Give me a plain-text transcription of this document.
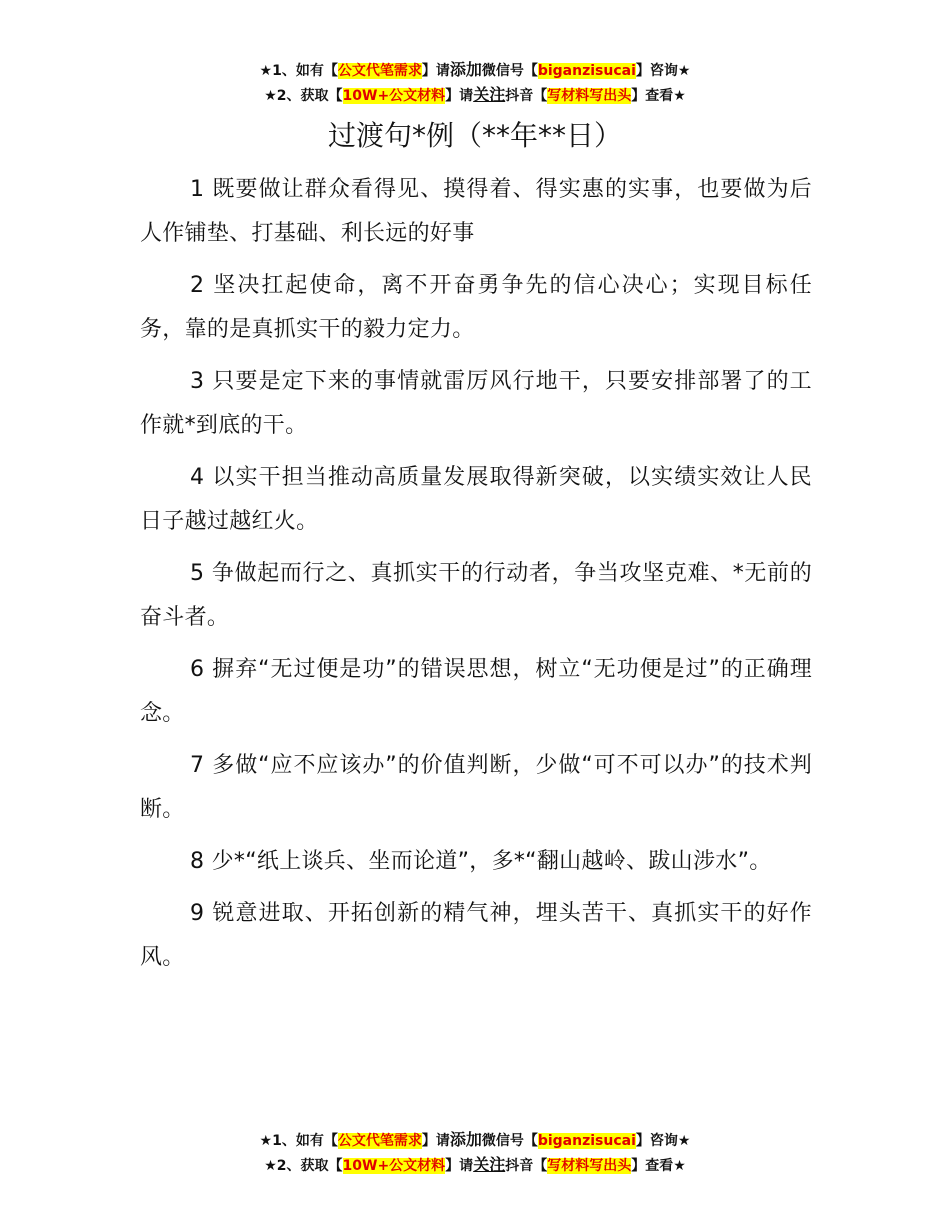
★1、如有【公文代笔需求】请添加微信号【biganzisucai】咨询★
★2、获取【10W+公文材料】请关注抖音【写材料写出头】查看★
过渡句*例（**年**日）

1 既要做让群众看得见、摸得着、得实惠的实事，也要做为后人作铺垫、打基础、利长远的好事

2 坚决扛起使命，离不开奋勇争先的信心决心；实现目标任务，靠的是真抓实干的毅力定力。

3 只要是定下来的事情就雷厉风行地干，只要安排部署了的工作就*到底的干。

4 以实干担当推动高质量发展取得新突破，以实绩实效让人民日子越过越红火。

5 争做起而行之、真抓实干的行动者，争当攻坚克难、*无前的奋斗者。

6 摒弃“无过便是功”的错误思想，树立“无功便是过”的正确理念。

7 多做“应不应该办”的价值判断，少做“可不可以办”的技术判断。

8 少*“纸上谈兵、坐而论道”，多*“翻山越岭、跋山涉水”。

9 锐意进取、开拓创新的精气神，埋头苦干、真抓实干的好作风。

★1、如有【公文代笔需求】请添加微信号【biganzisucai】咨询★
★2、获取【10W+公文材料】请关注抖音【写材料写出头】查看★
